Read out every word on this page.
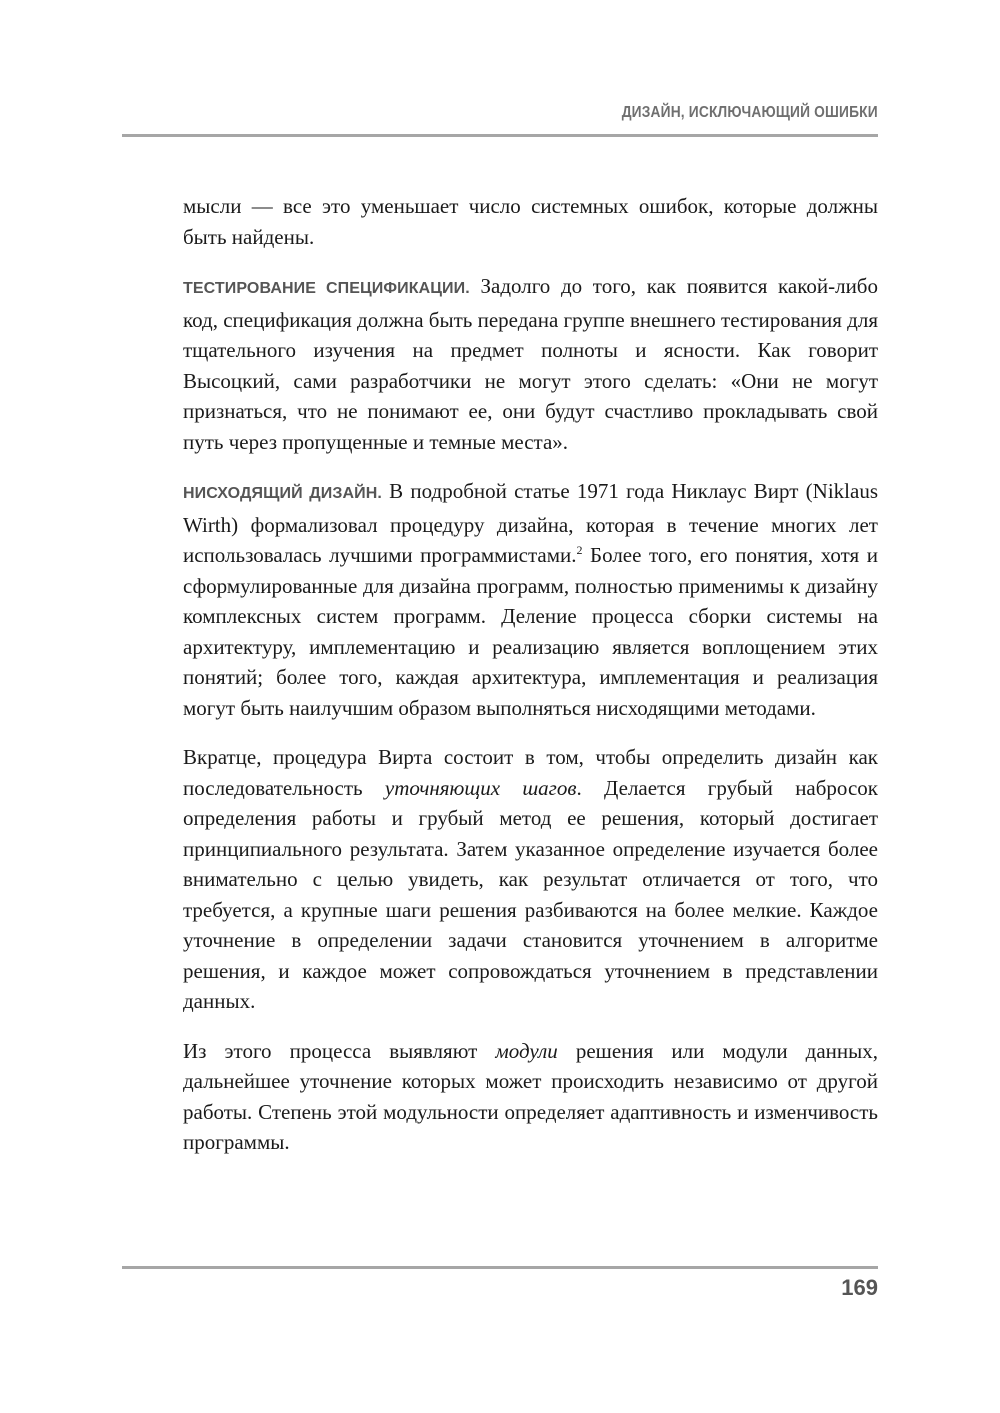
ДИЗАЙН, ИСКЛЮЧАЮЩИЙ ОШИБКИ

мысли — все это уменьшает число системных ошибок, которые должны быть найдены.

ТЕСТИРОВАНИЕ СПЕЦИФИКАЦИИ. Задолго до того, как появится какой-либо код, спецификация должна быть передана группе внешнего тестирования для тщательного изучения на предмет полноты и ясности. Как говорит Высоцкий, сами разработчики не могут этого сделать: «Они не могут признаться, что не понимают ее, они будут счастливо прокладывать свой путь через пропущенные и темные места».

НИСХОДЯЩИЙ ДИЗАЙН. В подробной статье 1971 года Никлаус Вирт (Niklaus Wirth) формализовал процедуру дизайна, которая в течение многих лет использовалась лучшими программистами.$^2$ Более того, его понятия, хотя и сформулированные для дизайна программ, полностью применимы к дизайну комплексных систем программ. Деление процесса сборки системы на архитектуру, имплементацию и реализацию является воплощением этих понятий; более того, каждая архитектура, имплементация и реализация могут быть наилучшим образом выполняться нисходящими методами.

Вкратце, процедура Вирта состоит в том, чтобы определить дизайн как последовательность уточняющих шагов. Делается грубый набросок определения работы и грубый метод ее решения, который достигает принципиального результата. Затем указанное определение изучается более внимательно с целью увидеть, как результат отличается от того, что требуется, а крупные шаги решения разбиваются на более мелкие. Каждое уточнение в определении задачи становится уточнением в алгоритме решения, и каждое может сопровождаться уточнением в представлении данных.

Из этого процесса выявляют модули решения или модули данных, дальнейшее уточнение которых может происходить независимо от другой работы. Степень этой модульности определяет адаптивность и изменчивость программы.

169
